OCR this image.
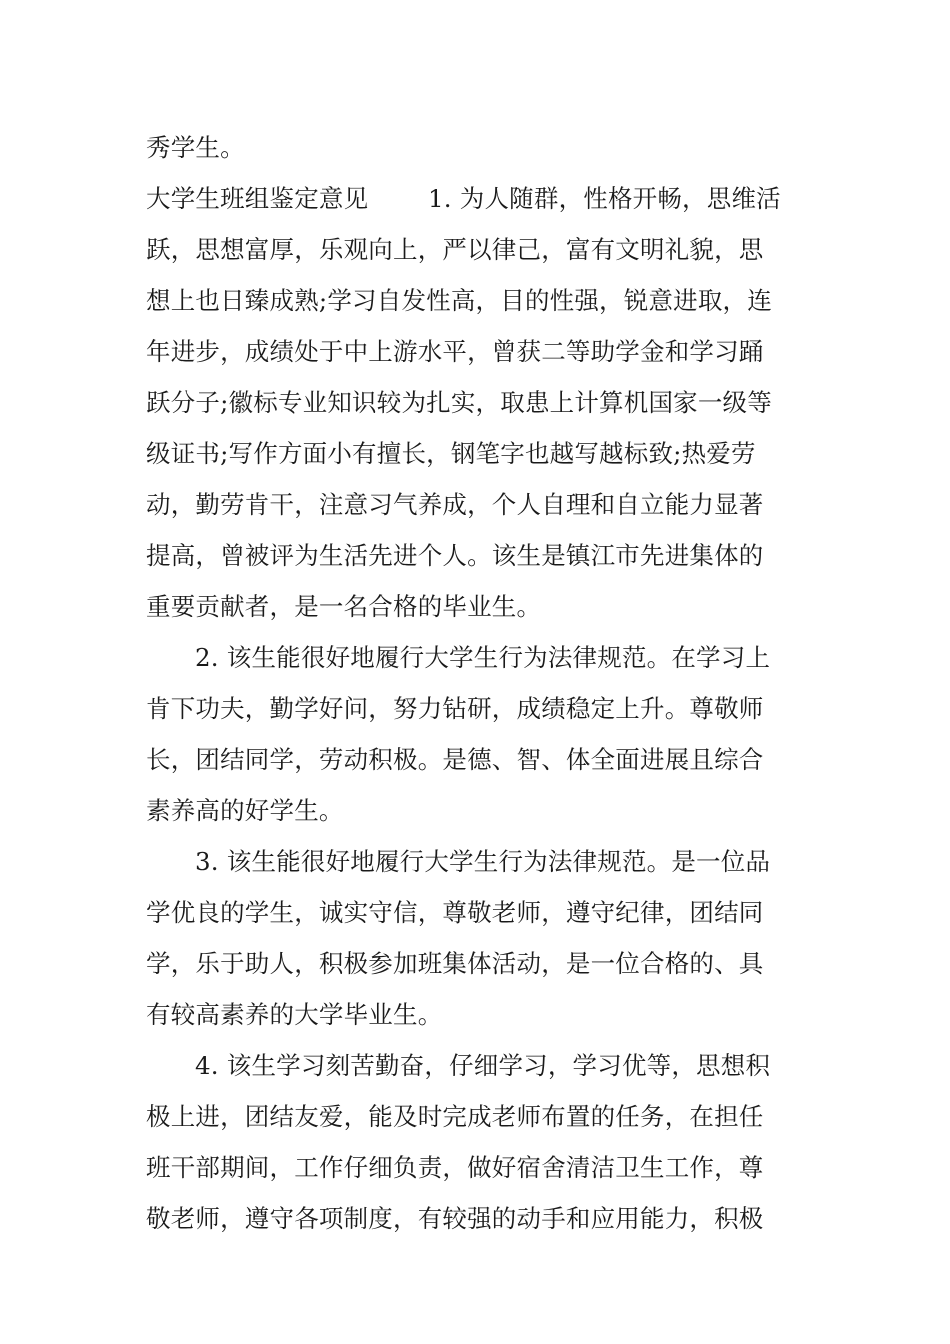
秀学生。
大学生班组鉴定意见 1. 为人随群，性格开畅，思维活
跃，思想富厚，乐观向上，严以律己，富有文明礼貌，思
想上也日臻成熟;学习自发性高，目的性强，锐意进取，连
年进步，成绩处于中上游水平，曾获二等助学金和学习踊
跃分子;徽标专业知识较为扎实，取患上计算机国家一级等
级证书;写作方面小有擅长，钢笔字也越写越标致;热爱劳
动，勤劳肯干，注意习气养成，个人自理和自立能力显著
提高，曾被评为生活先进个人。该生是镇江市先进集体的
重要贡献者，是一名合格的毕业生。
2. 该生能很好地履行大学生行为法律规范。在学习上
肯下功夫，勤学好问，努力钻研，成绩稳定上升。尊敬师
长，团结同学，劳动积极。是德、智、体全面进展且综合
素养高的好学生。
3. 该生能很好地履行大学生行为法律规范。是一位品
学优良的学生，诚实守信，尊敬老师，遵守纪律，团结同
学，乐于助人，积极参加班集体活动，是一位合格的、具
有较高素养的大学毕业生。
4. 该生学习刻苦勤奋，仔细学习，学习优等，思想积
极上进，团结友爱，能及时完成老师布置的任务，在担任
班干部期间，工作仔细负责，做好宿舍清洁卫生工作，尊
敬老师，遵守各项制度，有较强的动手和应用能力，积极
